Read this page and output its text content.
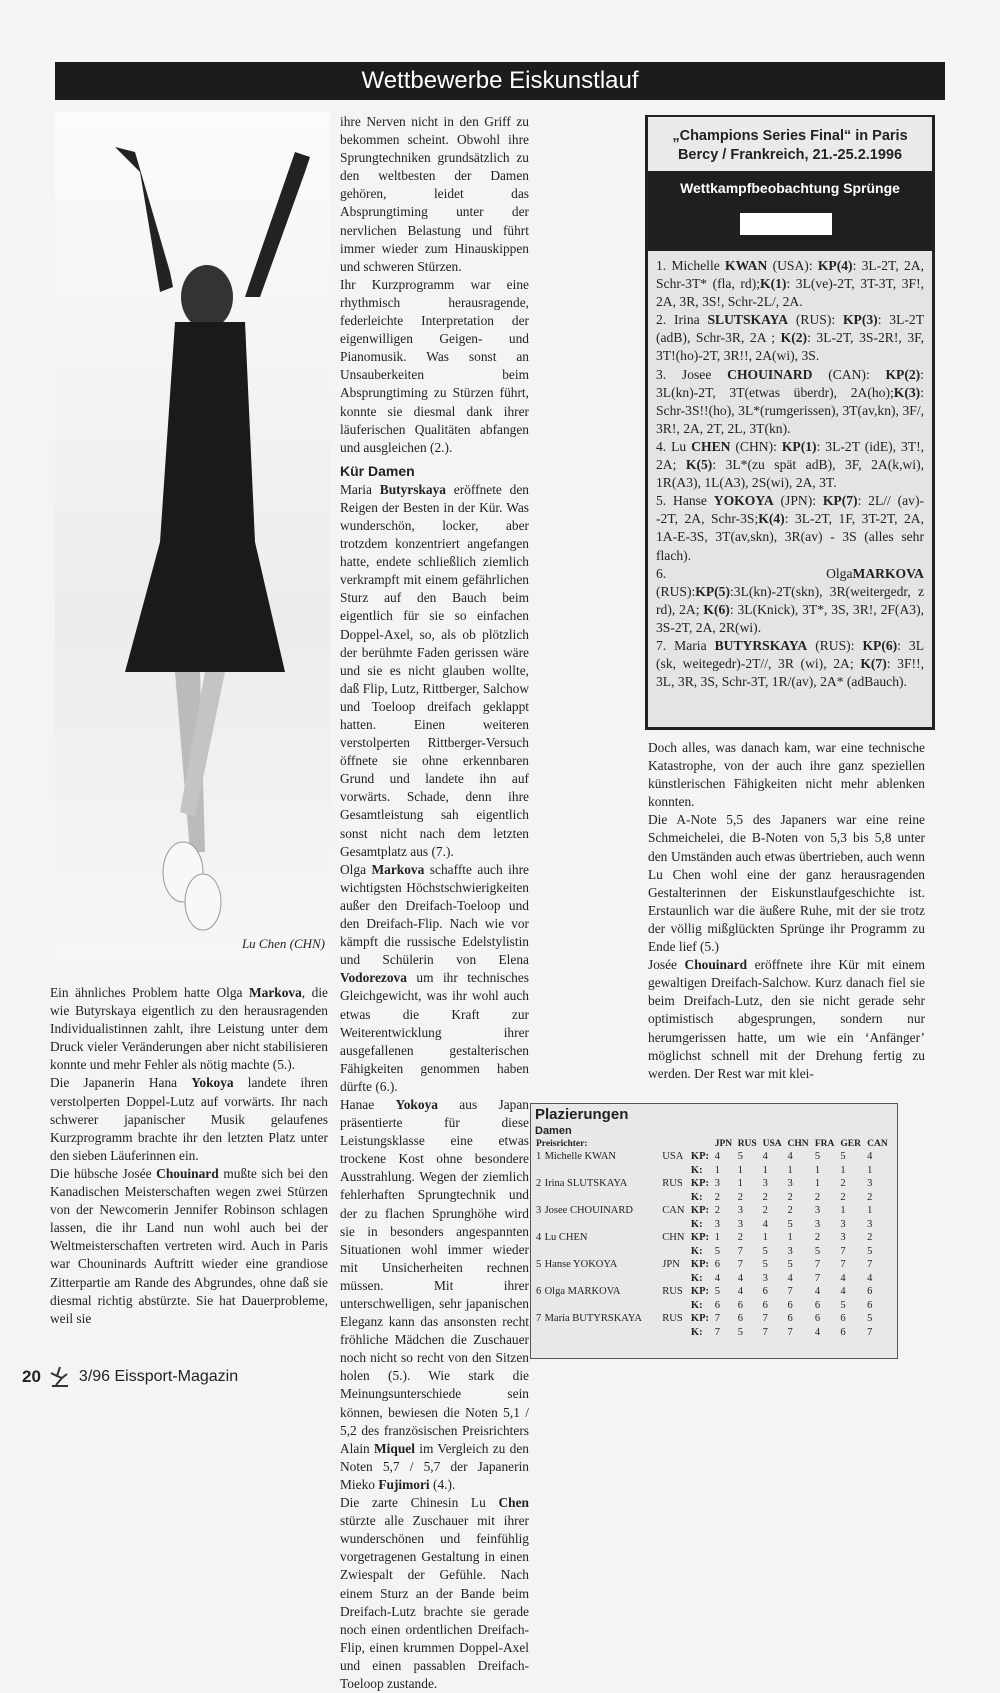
Wettbewerbe Eiskunstlauf
Lu Chen (CHN)

Ein ähnliches Problem hatte Olga Markova, die wie Butyrskaya eigentlich zu den herausragenden Individualistinnen zahlt, ihre Leistung unter dem Druck vieler Veränderungen aber nicht stabilisieren konnte und mehr Fehler als nötig machte (5.).

Die Japanerin Hana Yokoya landete ihren verstolperten Doppel-Lutz auf vorwärts. Ihr nach schwerer japanischer Musik gelaufenes Kurzprogramm brachte ihr den letzten Platz unter den sieben Läuferinnen ein.

Die hübsche Josée Chouinard mußte sich bei den Kanadischen Meisterschaften wegen zwei Stürzen von der Newcomerin Jennifer Robinson schlagen lassen, die ihr Land nun wohl auch bei der Weltmeisterschaften vertreten wird. Auch in Paris war Chouninards Auftritt wieder eine grandiose Zitterpartie am Rande des Abgrundes, ohne daß sie diesmal richtig abstürzte. Sie hat Dauerprobleme, weil sie

ihre Nerven nicht in den Griff zu bekommen scheint. Obwohl ihre Sprungtechniken grundsätzlich zu den weltbesten der Damen gehören, leidet das Absprungtiming unter der nervlichen Belastung und führt immer wieder zum Hinauskippen und schweren Stürzen.

Ihr Kurzprogramm war eine rhythmisch herausragende, federleichte Interpretation der eigenwilligen Geigen- und Pianomusik. Was sonst an Unsauberkeiten beim Absprungtiming zu Stürzen führt, konnte sie diesmal dank ihrer läuferischen Qualitäten abfangen und ausgleichen (2.).

Kür Damen

Maria Butyrskaya eröffnete den Reigen der Besten in der Kür. Was wunderschön, locker, aber trotzdem konzentriert angefangen hatte, endete schließlich ziemlich verkrampft mit einem gefährlichen Sturz auf den Bauch beim eigentlich für sie so einfachen Doppel-Axel, so, als ob plötzlich der berühmte Faden gerissen wäre und sie es nicht glauben wollte, daß Flip, Lutz, Rittberger, Salchow und Toeloop dreifach geklappt hatten. Einen weiteren verstolperten Rittberger-Versuch öffnete sie ohne erkennbaren Grund und landete ihn auf vorwärts. Schade, denn ihre Gesamtleistung sah eigentlich sonst nicht nach dem letzten Gesamtplatz aus (7.).

Olga Markova schaffte auch ihre wichtigsten Höchstschwierigkeiten außer den Dreifach-Toeloop und den Dreifach-Flip. Nach wie vor kämpft die russische Edelstylistin und Schülerin von Elena Vodorezova um ihr technisches Gleichgewicht, was ihr wohl auch etwas die Kraft zur Weiterentwicklung ihrer ausgefallenen gestalterischen Fähigkeiten genommen haben dürfte (6.).

Hanae Yokoya aus Japan präsentierte für diese Leistungsklasse eine etwas trockene Kost ohne besondere Ausstrahlung. Wegen der ziemlich fehlerhaften Sprungtechnik und der zu flachen Sprunghöhe wird sie in besonders angespannten Situationen wohl immer wieder mit Unsicherheiten rechnen müssen. Mit ihrer unterschwelligen, sehr japanischen Eleganz kann das ansonsten recht fröhliche Mädchen die Zuschauer noch nicht so recht von den Sitzen holen (5.). Wie stark die Meinungsunterschiede sein können, bewiesen die Noten 5,1 / 5,2 des französischen Preisrichters Alain Miquel im Vergleich zu den Noten 5,7 / 5,7 der Japanerin Mieko Fujimori (4.).

Die zarte Chinesin Lu Chen stürzte alle Zuschauer mit ihrer wunderschönen und feinfühlig vorgetragenen Gestaltung in einen Zwiespalt der Gefühle. Nach einem Sturz an der Bande beim Dreifach-Lutz brachte sie gerade noch einen ordentlichen Dreifach-Flip, einen krummen Doppel-Axel und einen passablen Dreifach-Toeloop zustande.

„Champions Series Final“ in Paris Bercy / Frankreich, 21.-25.2.1996
Wettkampfbeobachtung Sprünge

1. Michelle KWAN (USA): KP(4): 3L-2T, 2A, Schr-3T* (fla, rd);K(1): 3L(ve)-2T, 3T-3T, 3F!, 2A, 3R, 3S!, Schr-2L/, 2A.

2. Irina SLUTSKAYA (RUS): KP(3): 3L-2T (adB), Schr-3R, 2A ; K(2): 3L-2T, 3S-2R!, 3F, 3T!(ho)-2T, 3R!!, 2A(wi), 3S.

3. Josee CHOUINARD (CAN): KP(2): 3L(kn)-2T, 3T(etwas überdr), 2A(ho);K(3): Schr-3S!!(ho), 3L*(rumgerissen), 3T(av,kn), 3F/, 3R!, 2A, 2T, 2L, 3T(kn).

4. Lu CHEN (CHN): KP(1): 3L-2T (idE), 3T!, 2A; K(5): 3L*(zu spät adB), 3F, 2A(k,wi), 1R(A3), 1L(A3), 2S(wi), 2A, 3T.

5. Hanse YOKOYA (JPN): KP(7): 2L// (av)--2T, 2A, Schr-3S;K(4): 3L-2T, 1F, 3T-2T, 2A, 1A-E-3S, 3T(av,skn), 3R(av) - 3S (alles sehr flach).

6. OlgaMARKOVA (RUS):KP(5):3L(kn)-2T(skn), 3R(weitergedr, z rd), 2A; K(6): 3L(Knick), 3T*, 3S, 3R!, 2F(A3), 3S-2T, 2A, 2R(wi).

7. Maria BUTYRSKAYA (RUS): KP(6): 3L (sk, weitegedr)-2T//, 3R (wi), 2A; K(7): 3F!!, 3L, 3R, 3S, Schr-3T, 1R/(av), 2A* (adBauch).

Doch alles, was danach kam, war eine technische Katastrophe, von der auch ihre ganz speziellen künstlerischen Fähigkeiten nicht mehr ablenken konnten.

Die A-Note 5,5 des Japaners war eine reine Schmeichelei, die B-Noten von 5,3 bis 5,8 unter den Umständen auch etwas übertrieben, auch wenn Lu Chen wohl eine der ganz herausragenden Gestalterinnen der Eiskunstlaufgeschichte ist. Erstaunlich war die äußere Ruhe, mit der sie trotz der völlig mißglückten Sprünge ihr Programm zu Ende lief (5.)

Josée Chouinard eröffnete ihre Kür mit einem gewaltigen Dreifach-Salchow. Kurz danach fiel sie beim Dreifach-Lutz, den sie nicht gerade sehr optimistisch abgesprungen, sondern nur herumgerissen hatte, um wie ein ‘Anfänger’ möglichst schnell mit der Drehung fertig zu werden. Der Rest war mit klei-

Plazierungen
Damen
Preisrichter:				JPN	RUS	USA	CHN	FRA	GER	CAN
1	Michelle KWAN	USA	KP:	4	5	4	4	5	5	4
			K:	1	1	1	1	1	1	1
2	Irina SLUTSKAYA	RUS	KP:	3	1	3	3	1	2	3
			K:	2	2	2	2	2	2	2
3	Josee CHOUINARD	CAN	KP:	2	3	2	2	3	1	1
			K:	3	3	4	5	3	3	3
4	Lu CHEN	CHN	KP:	1	2	1	1	2	3	2
			K:	5	7	5	3	5	7	5
5	Hanse YOKOYA	JPN	KP:	6	7	5	5	7	7	7
			K:	4	4	3	4	7	4	4
6	Olga MARKOVA	RUS	KP:	5	4	6	7	4	4	6
			K:	6	6	6	6	6	5	6
7	Maria BUTYRSKAYA	RUS	KP:	7	6	7	6	6	6	5
			K:	7	5	7	7	4	6	7
20 3/96 Eissport-Magazin
